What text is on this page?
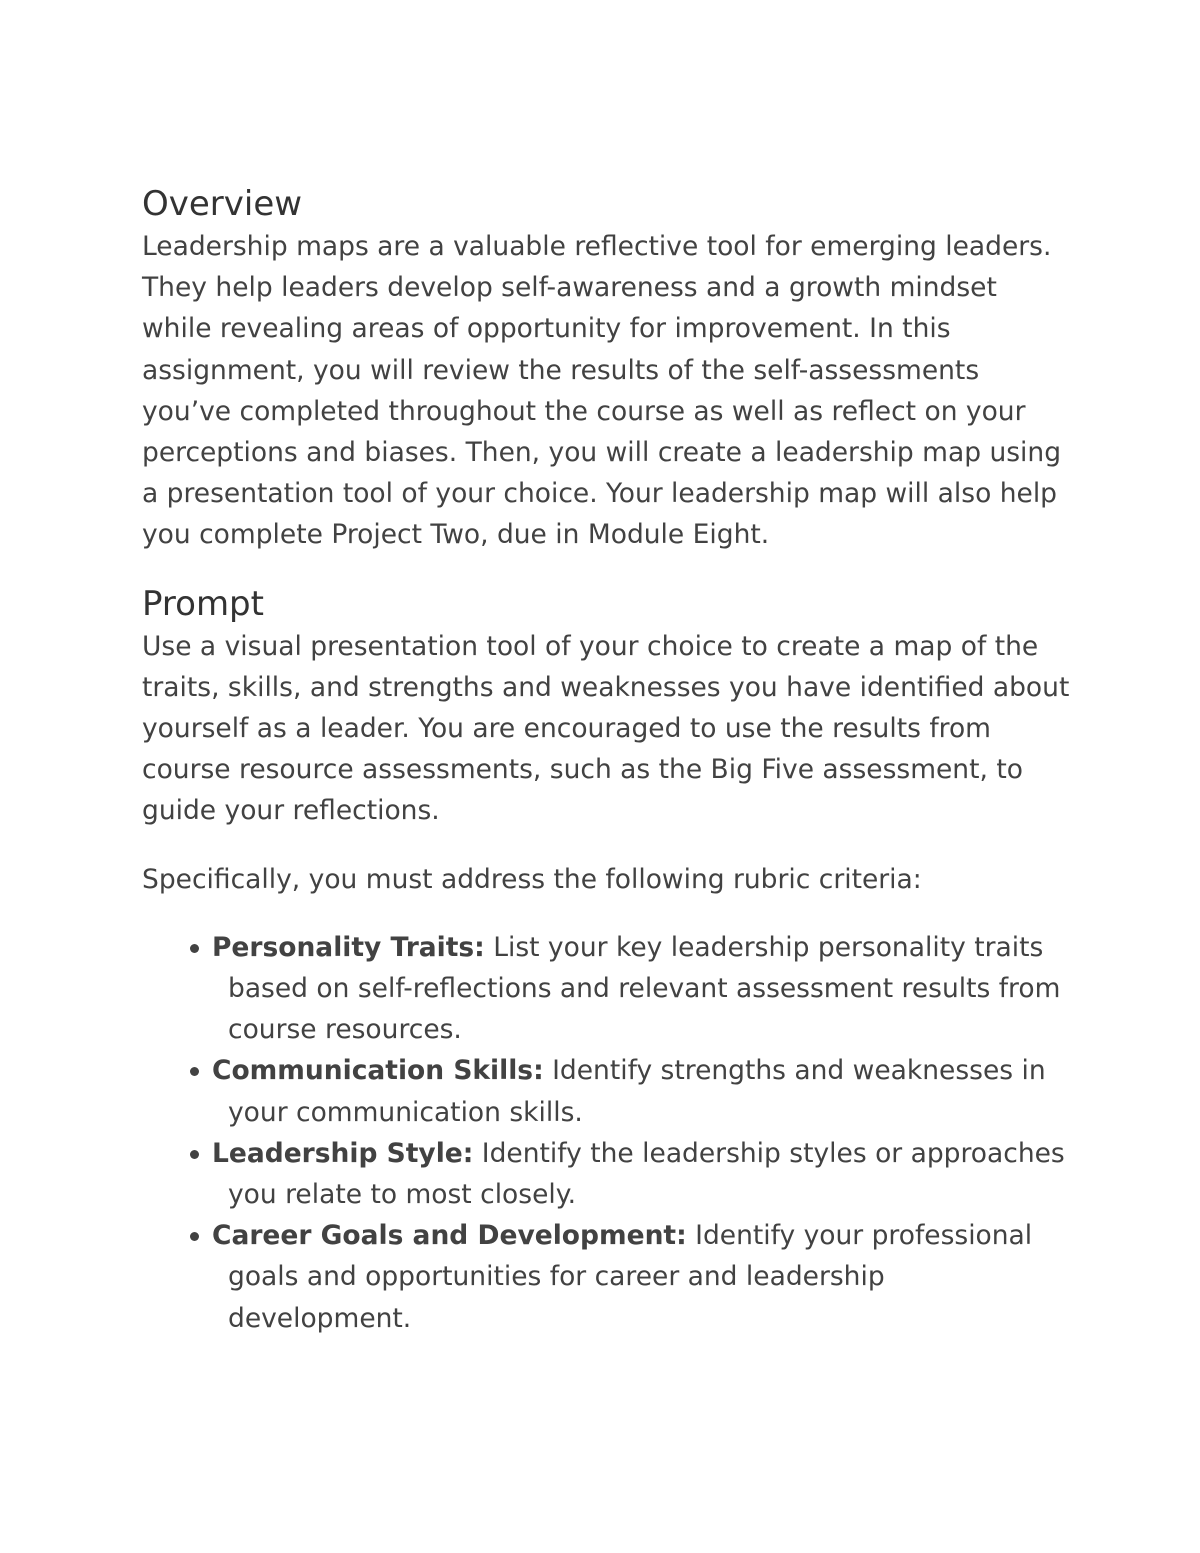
Overview

Leadership maps are a valuable reflective tool for emerging leaders. They help leaders develop self-awareness and a growth mindset while revealing areas of opportunity for improvement. In this assignment, you will review the results of the self-assessments you’ve completed throughout the course as well as reflect on your perceptions and biases. Then, you will create a leadership map using a presentation tool of your choice. Your leadership map will also help you complete Project Two, due in Module Eight.

Prompt

Use a visual presentation tool of your choice to create a map of the traits, skills, and strengths and weaknesses you have identified about yourself as a leader. You are encouraged to use the results from course resource assessments, such as the Big Five assessment, to guide your reflections.

Specifically, you must address the following rubric criteria:

Personality Traits: List your key leadership personality traits based on self-reflections and relevant assessment results from course resources.
Communication Skills: Identify strengths and weaknesses in your communication skills.
Leadership Style: Identify the leadership styles or approaches you relate to most closely.
Career Goals and Development: Identify your professional goals and opportunities for career and leadership development.
